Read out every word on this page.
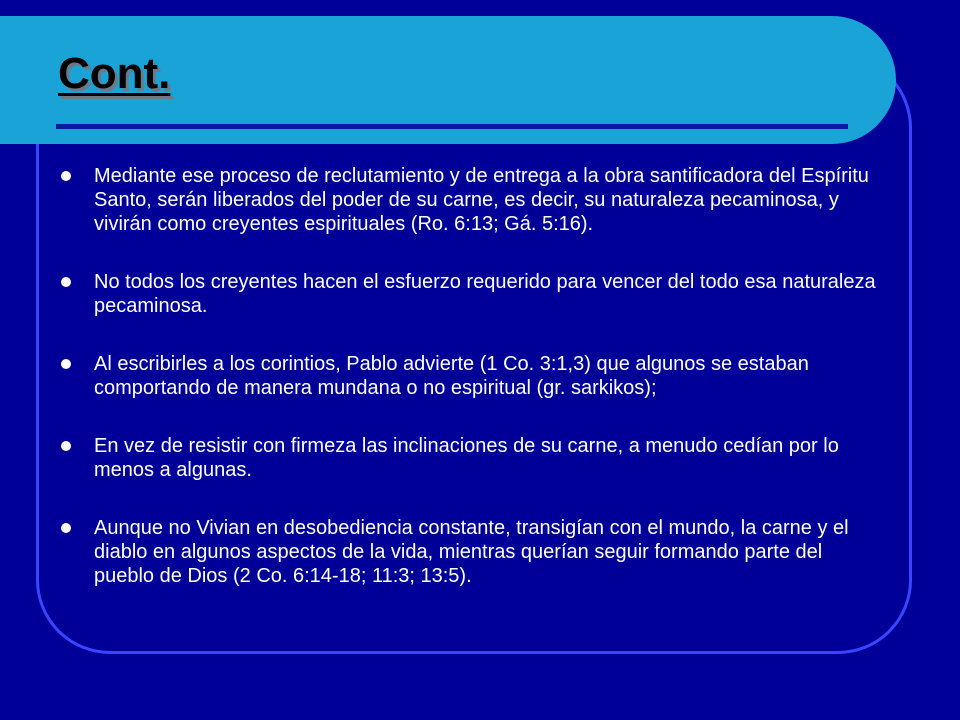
Cont.
Mediante ese proceso de reclutamiento y de entrega a la obra santificadora del Espíritu Santo, serán liberados del poder de su carne, es decir, su naturaleza pecaminosa, y vivirán como creyentes espirituales (Ro. 6:13; Gá. 5:16).
No todos los creyentes hacen el esfuerzo requerido para vencer del todo esa naturaleza pecaminosa.
Al escribirles a los corintios, Pablo advierte (1 Co. 3:1,3) que algunos se estaban comportando de manera mundana o no espiritual (gr. sarkikos);
En vez de resistir con firmeza las inclinaciones de su carne, a menudo cedían por lo menos a algunas.
Aunque no Vivian en desobediencia constante, transigían con el mundo, la carne y el diablo en algunos aspectos de la vida, mientras querían seguir formando parte del pueblo de Dios (2 Co. 6:14-18; 11:3; 13:5).
